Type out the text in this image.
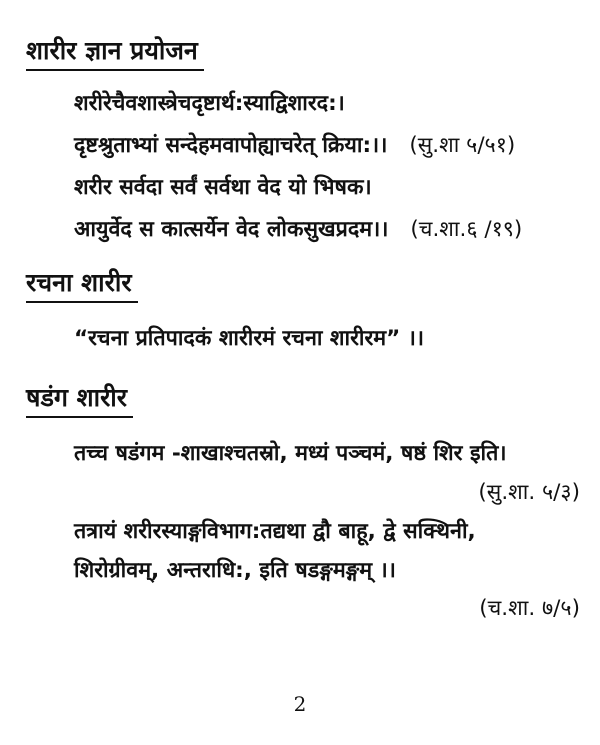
शारीर ज्ञान प्रयोजन
शरीरेचैवशास्त्रेचदृष्टार्थ:स्याद्विशारद:।
दृष्टश्रुताभ्यां सन्देहमवापोह्याचरेत् क्रिया:।। (सु.शा ५/५१)
शरीर सर्वदा सर्वं सर्वथा वेद यो भिषक।
आयुर्वेद स कात्सर्येन वेद लोकसुखप्रदम।। (च.शा.६ /१९)
रचना शारीर
“रचना प्रतिपादकं शारीरमं रचना शारीरम” ।।
षडंग शारीर
तच्च षडंगम -शाखाश्चतस्रो, मध्यं पञ्चमं, षष्ठं शिर इति।
(सु.शा. ५/३)
तत्रायं शरीरस्याङ्गविभाग:तद्यथा द्वौ बाहू, द्वे सक्थिनी,
शिरोग्रीवम्, अन्तराधि:, इति षडङ्गमङ्गम् ।।
(च.शा. ७/५)
2
